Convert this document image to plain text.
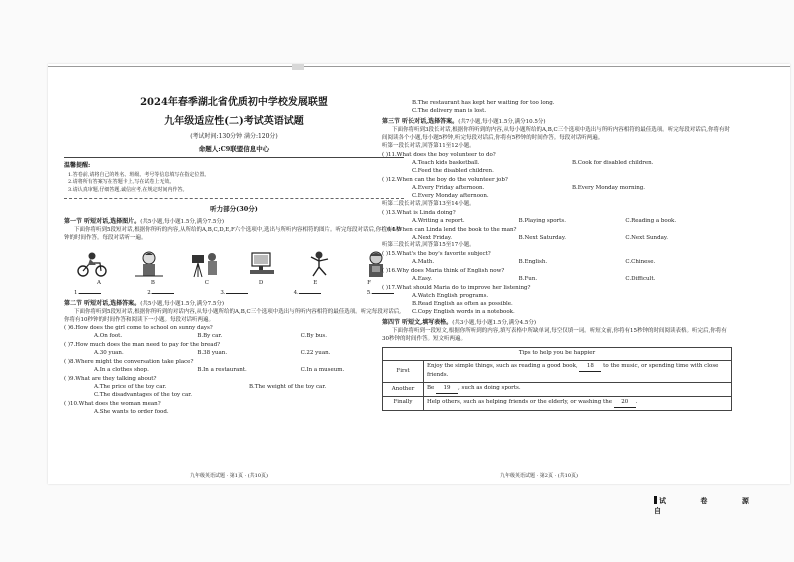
2024年春季湖北省优质初中学校发展联盟

九年级适应性(二)考试英语试题

(考试时间:130分钟 满分:120分)

命题人:C9联盟信息中心

温馨提醒:

1.答卷前,请将自己的姓名、班级、考号等信息填写在指定位置。

2.请将所有答案写在答题卡上,写在试卷上无效。

3.请认真审题,仔细答题,诚信应考,在规定时间内作答。

听力部分(30分)

第一节 听短对话,选择图片。(共5小题,每小题1.5分,满分7.5分)

下面你将听到5段短对话,根据你所听的内容,从所给的A,B,C,D,E,F六个选项中,选出与所听内容相符的图片。听完每段对话后,你将有5秒钟的时间作答。每段对话听一遍。

A	B	C	D	E	F
1.	2.	3.	4.	5.

第二节 听短对话,选择答案。(共5小题,每小题1.5分,满分7.5分)

下面你将听到5段短对话,根据你所听到的对话内容,从每小题所给的A,B,C三个选项中选出与所听内容相符的最佳选项。听完每段对话后,你将有10秒钟的时间作答和阅读下一小题。每段对话听两遍。

( )6.How does the girl come to school on sunny days?

A.On foot.	B.By car.	C.By bus.

( )7.How much does the man need to pay for the bread?

A.30 yuan.	B.38 yuan.	C.22 yuan.

( )8.Where might the conversation take place?

A.In a clothes shop.	B.In a restaurant.	C.In a museum.

( )9.What are they talking about?

A.The price of the toy car.	B.The weight of the toy car.

C.The disadvantages of the toy car.

( )10.What does the woman mean?

A.She wants to order food.

九年级英语试题 · 第1页 · (共10页)

B.The restaurant has kept her waiting for too long.

C.The delivery man is lost.

第三节 听长对话,选择答案。(共7小题,每小题1.5分,满分10.5分)

下面你将听到3段长对话,根据你所听到的内容,从每小题所给的A,B,C三个选项中选出与所听内容相符的最佳选项。听完每段对话后,你将有时间阅读各个小题,每小题5秒钟,听完每段对话后,你将有5秒钟的时间作答。每段对话听两遍。

听第一段长对话,回答第11至12小题。

( )11.What does the boy volunteer to do?

A.Teach kids basketball.	B.Cook for disabled children.

C.Feed the disabled children.

( )12.When can the boy do the volunteer job?

A.Every Friday afternoon.	B.Every Monday morning.

C.Every Monday afternoon.

听第二段长对话,回答第13至14小题。

( )13.What is Linda doing?

A.Writing a report.	B.Playing sports.	C.Reading a book.

( )14.When can Linda lend the book to the man?

A.Next Friday.	B.Next Saturday.	C.Next Sunday.

听第三段长对话,回答第15至17小题。

( )15.What's the boy's favorite subject?

A.Math.	B.English.	C.Chinese.

( )16.Why does Maria think of English now?

A.Easy.	B.Fun.	C.Difficult.

( )17.What should Maria do to improve her listening?

A.Watch English programs.

B.Read English as often as possible.

C.Copy English words in a notebook.

第四节 听短文,填写表格。(共3小题,每小题1.5分,满分4.5分)

下面你将听到一段短文,根据你所听到的内容,填写表格中所缺单词,每空仅填一词。听短文前,你将有15秒钟的时间阅读表格。听完后,你将有30秒钟的时间作答。短文听两遍。

Tips to help you be happier	
First	Enjoy the simple things, such as reading a good book, 18 to the music, or spending time with close friends.
Another	Be 19 , such as doing sports.
Finally	Help others, such as helping friends or the elderly, or washing the 20 .
九年级英语试题 · 第2页 · (共10页)
试 卷 源 自
